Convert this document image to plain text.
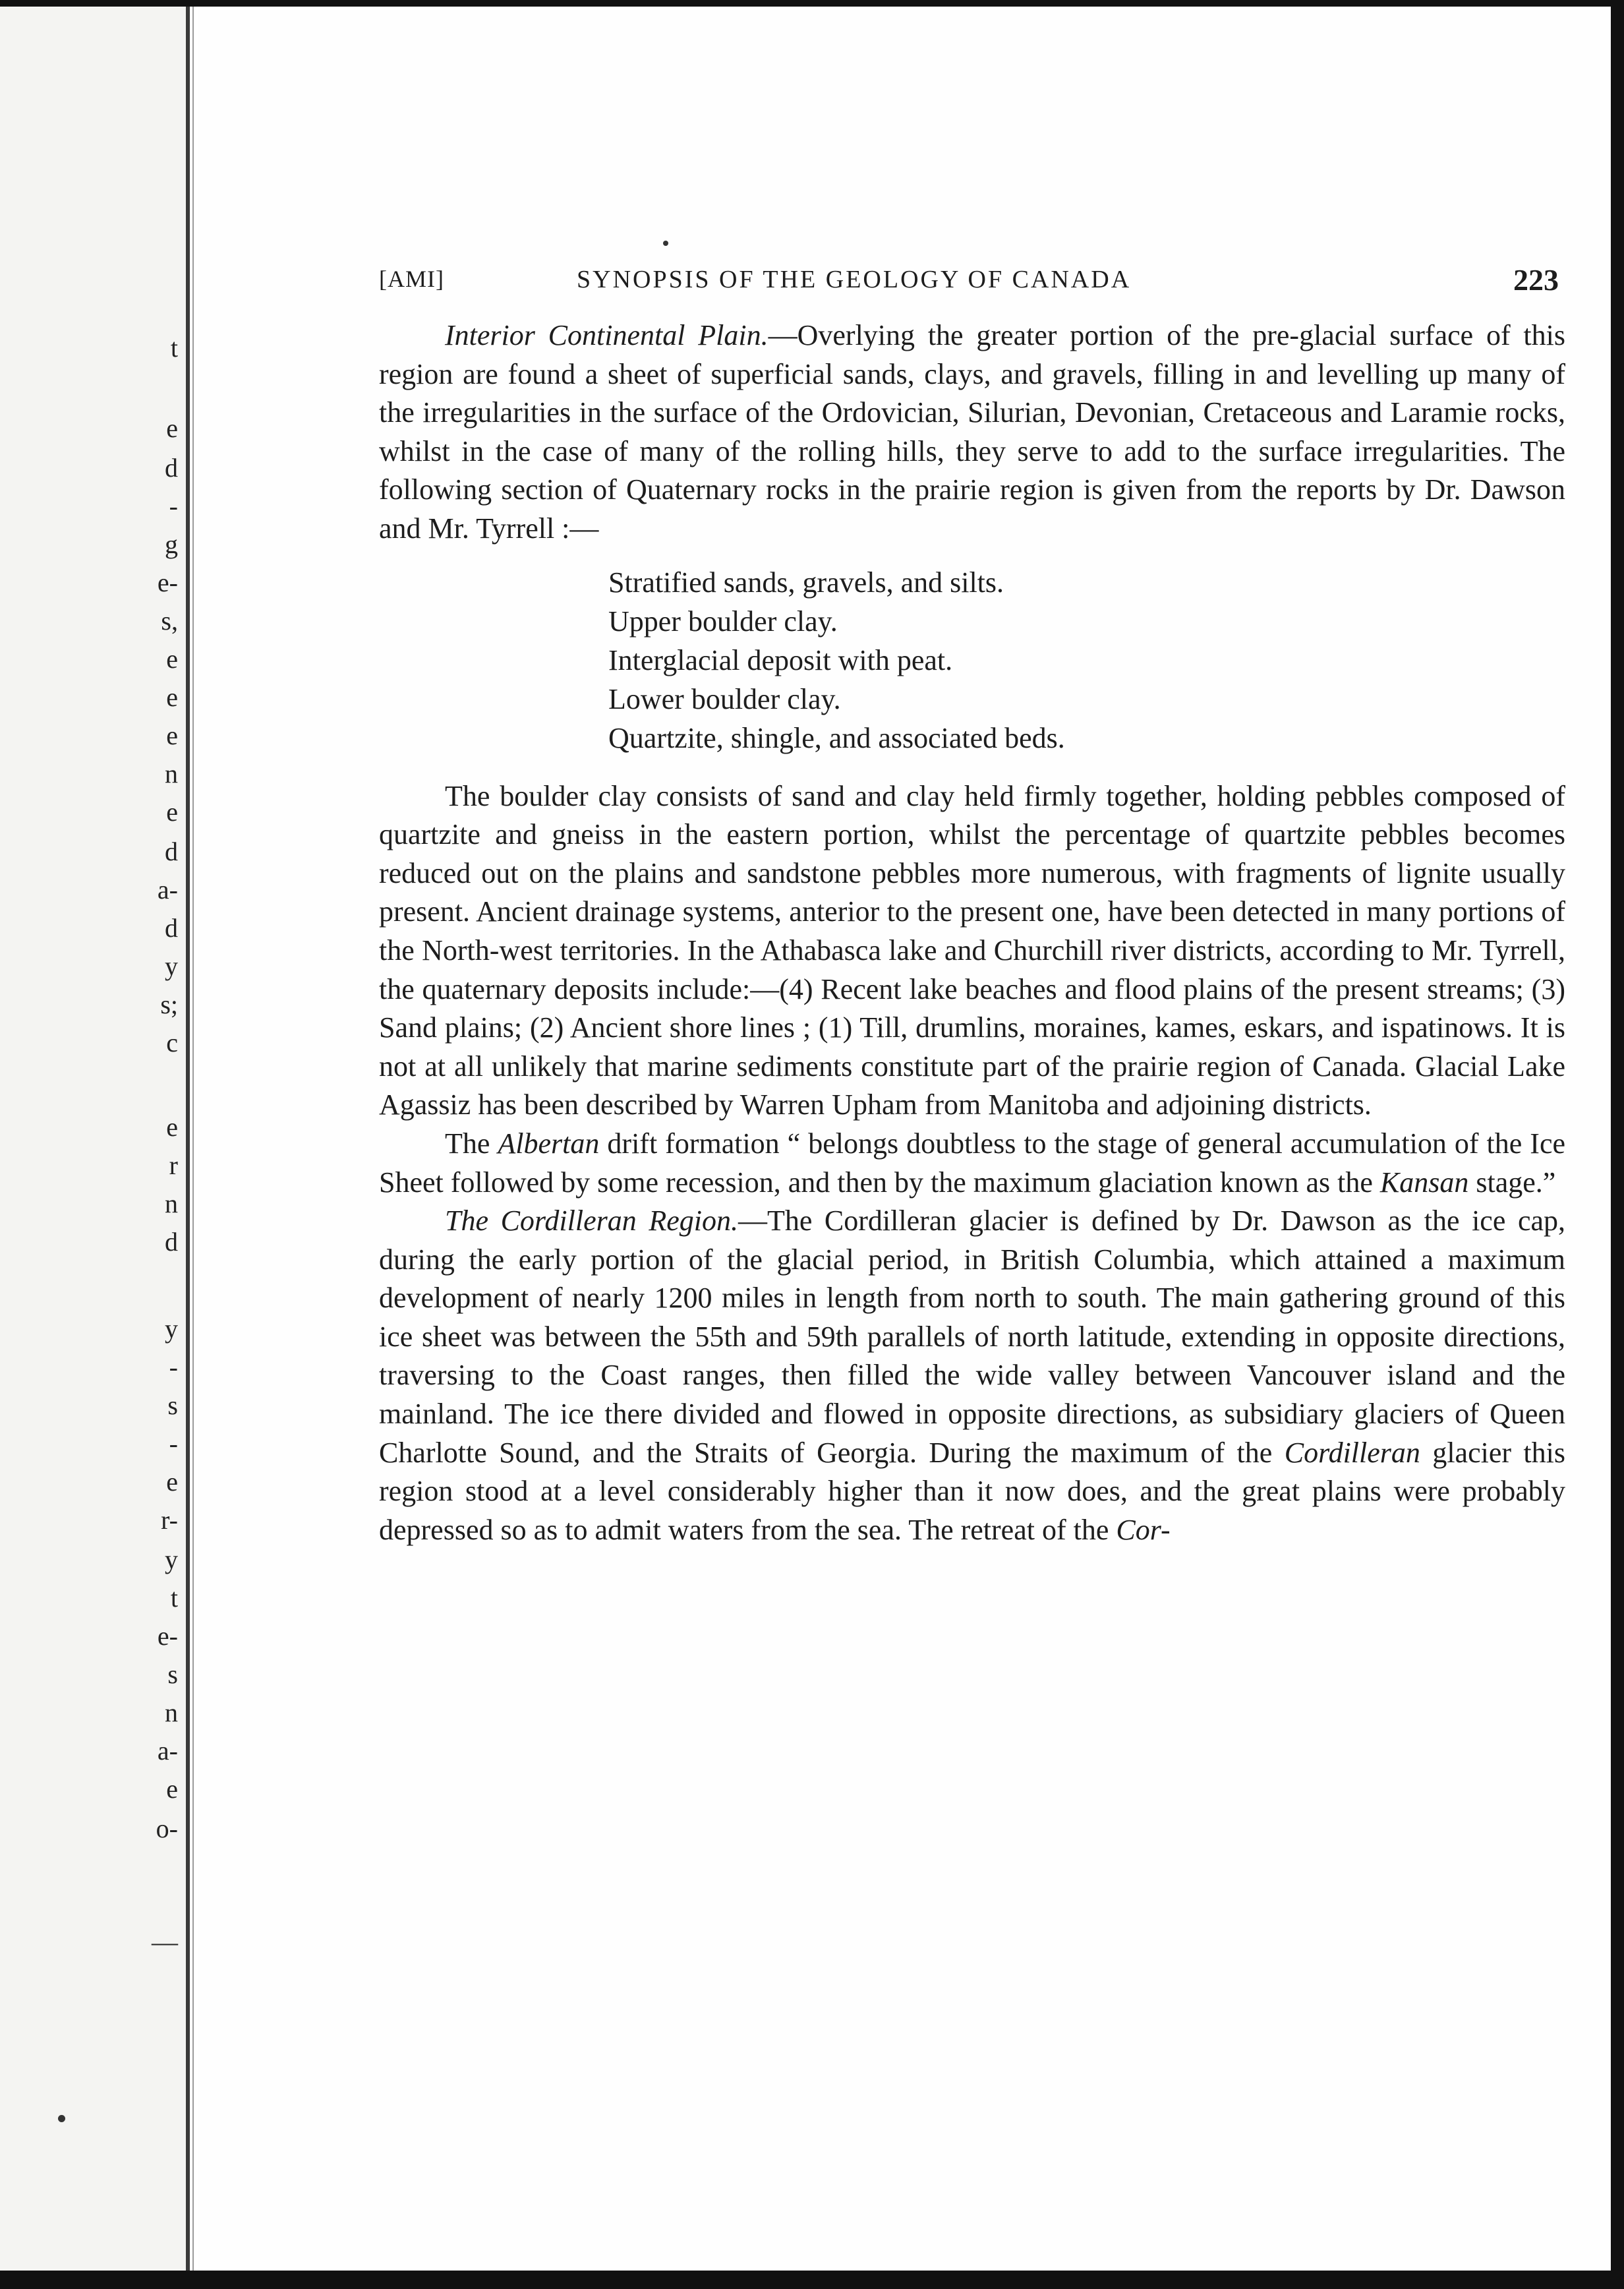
t
e
d
-
g
e-
s,
e
e
e
n
e
d
a-
d
y
s;
c
e
r
n
d
y
-
s
-
e
r-
y
t
e-
s
n
a-
e
o-
—
[AMI]	SYNOPSIS OF THE GEOLOGY OF CANADA	223

Interior Continental Plain.—Overlying the greater portion of the pre-glacial surface of this region are found a sheet of superficial sands, clays, and gravels, filling in and levelling up many of the irregularities in the surface of the Ordovician, Silurian, Devonian, Cretaceous and Laramie rocks, whilst in the case of many of the rolling hills, they serve to add to the surface irregularities. The following section of Quaternary rocks in the prairie region is given from the reports by Dr. Dawson and Mr. Tyrrell :—

Stratified sands, gravels, and silts.
Upper boulder clay.
Interglacial deposit with peat.
Lower boulder clay.
Quartzite, shingle, and associated beds.

The boulder clay consists of sand and clay held firmly together, holding pebbles composed of quartzite and gneiss in the eastern portion, whilst the percentage of quartzite pebbles becomes reduced out on the plains and sandstone pebbles more numerous, with fragments of lignite usually present. Ancient drainage systems, anterior to the present one, have been detected in many portions of the North-west territories. In the Athabasca lake and Churchill river districts, according to Mr. Tyrrell, the quaternary deposits include:—(4) Recent lake beaches and flood plains of the present streams; (3) Sand plains; (2) Ancient shore lines ; (1) Till, drumlins, moraines, kames, eskars, and ispatinows. It is not at all unlikely that marine sediments constitute part of the prairie region of Canada. Glacial Lake Agassiz has been described by Warren Upham from Manitoba and adjoining districts.

The Albertan drift formation “ belongs doubtless to the stage of general accumulation of the Ice Sheet followed by some recession, and then by the maximum glaciation known as the Kansan stage.”

The Cordilleran Region.—The Cordilleran glacier is defined by Dr. Dawson as the ice cap, during the early portion of the glacial period, in British Columbia, which attained a maximum development of nearly 1200 miles in length from north to south. The main gathering ground of this ice sheet was between the 55th and 59th parallels of north latitude, extending in opposite directions, traversing to the Coast ranges, then filled the wide valley between Vancouver island and the mainland. The ice there divided and flowed in opposite directions, as subsidiary glaciers of Queen Charlotte Sound, and the Straits of Georgia. During the maximum of the Cordilleran glacier this region stood at a level considerably higher than it now does, and the great plains were probably depressed so as to admit waters from the sea. The retreat of the Cor-
